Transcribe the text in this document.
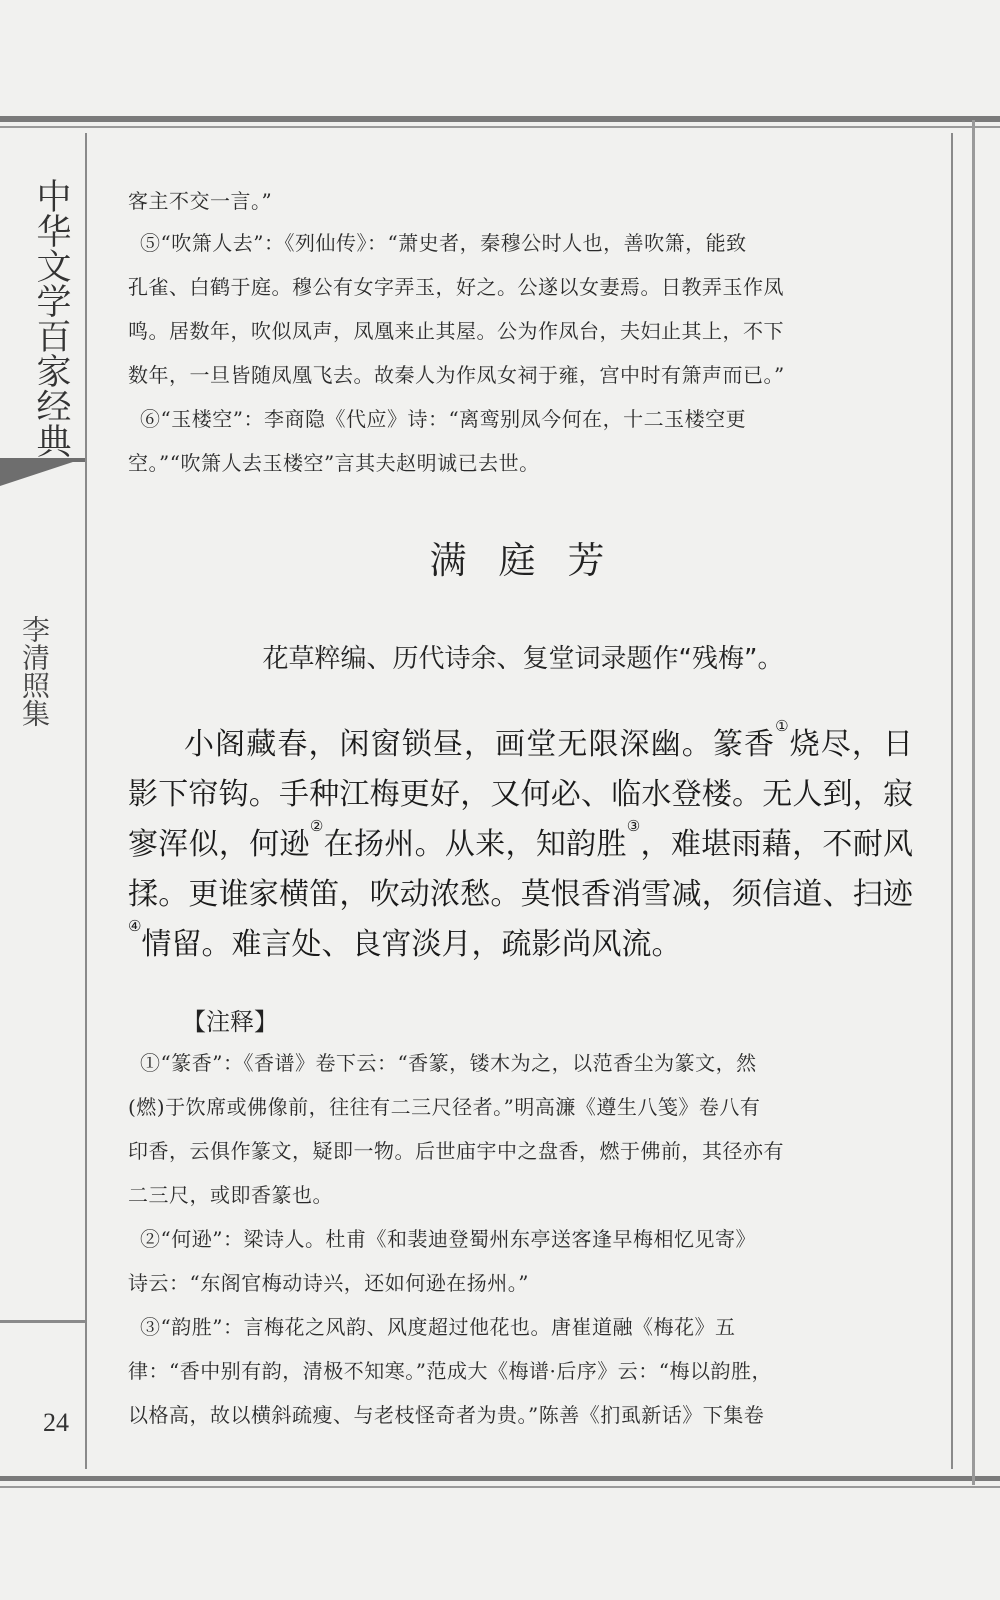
中华文学百家经典
李清照集
24

客主不交一言。”

⑤“吹箫人去”：《列仙传》：“萧史者，秦穆公时人也，善吹箫，能致

孔雀、白鹤于庭。穆公有女字弄玉，好之。公遂以女妻焉。日教弄玉作凤

鸣。居数年，吹似凤声，凤凰来止其屋。公为作凤台，夫妇止其上，不下

数年，一旦皆随凤凰飞去。故秦人为作凤女祠于雍，宫中时有箫声而已。”

⑥“玉楼空”：李商隐《代应》诗：“离鸾别凤今何在，十二玉楼空更

空。”“吹箫人去玉楼空”言其夫赵明诚已去世。

满庭芳
花草粹编、历代诗余、复堂词录题作“残梅”。

小阁藏春，闲窗锁昼，画堂无限深幽。篆香①烧尽，日影下帘钩。手种江梅更好，又何必、临水登楼。无人到，寂寥浑似，何逊②在扬州。从来，知韵胜③，难堪雨藉，不耐风揉。更谁家横笛，吹动浓愁。莫恨香消雪减，须信道、扫迹④情留。难言处、良宵淡月，疏影尚风流。

【注释】

①“篆香”：《香谱》卷下云：“香篆，镂木为之，以范香尘为篆文，然

(燃)于饮席或佛像前，往往有二三尺径者。”明高濂《遵生八笺》卷八有

印香，云俱作篆文，疑即一物。后世庙宇中之盘香，燃于佛前，其径亦有

二三尺，或即香篆也。

②“何逊”：梁诗人。杜甫《和裴迪登蜀州东亭送客逢早梅相忆见寄》

诗云：“东阁官梅动诗兴，还如何逊在扬州。”

③“韵胜”：言梅花之风韵、风度超过他花也。唐崔道融《梅花》五

律：“香中别有韵，清极不知寒。”范成大《梅谱·后序》云：“梅以韵胜，

以格高，故以横斜疏瘦、与老枝怪奇者为贵。”陈善《扪虱新话》下集卷
